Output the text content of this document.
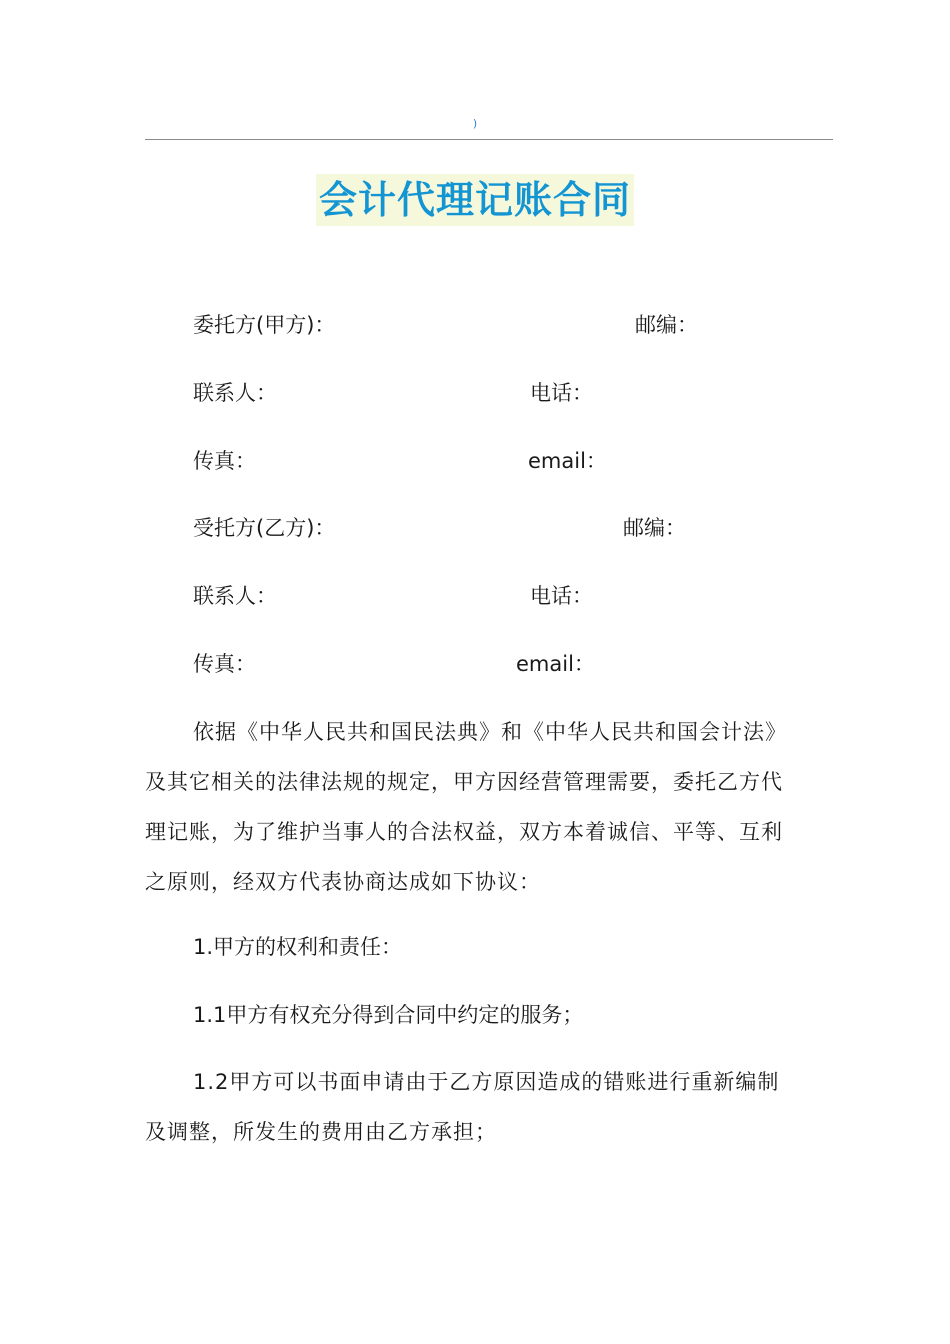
)
会计代理记账合同
委托方(甲方)：	邮编：
联系人：	电话：
传真：	email：
受托方(乙方)：	邮编：
联系人：	电话：
传真：	email：
依据《中华人民共和国民法典》和《中华人民共和国会计法》及其它相关的法律法规的规定，甲方因经营管理需要，委托乙方代理记账，为了维护当事人的合法权益，双方本着诚信、平等、互利之原则，经双方代表协商达成如下协议：
1.甲方的权利和责任：
1.1甲方有权充分得到合同中约定的服务；
1.2甲方可以书面申请由于乙方原因造成的错账进行重新编制及调整，所发生的费用由乙方承担；
